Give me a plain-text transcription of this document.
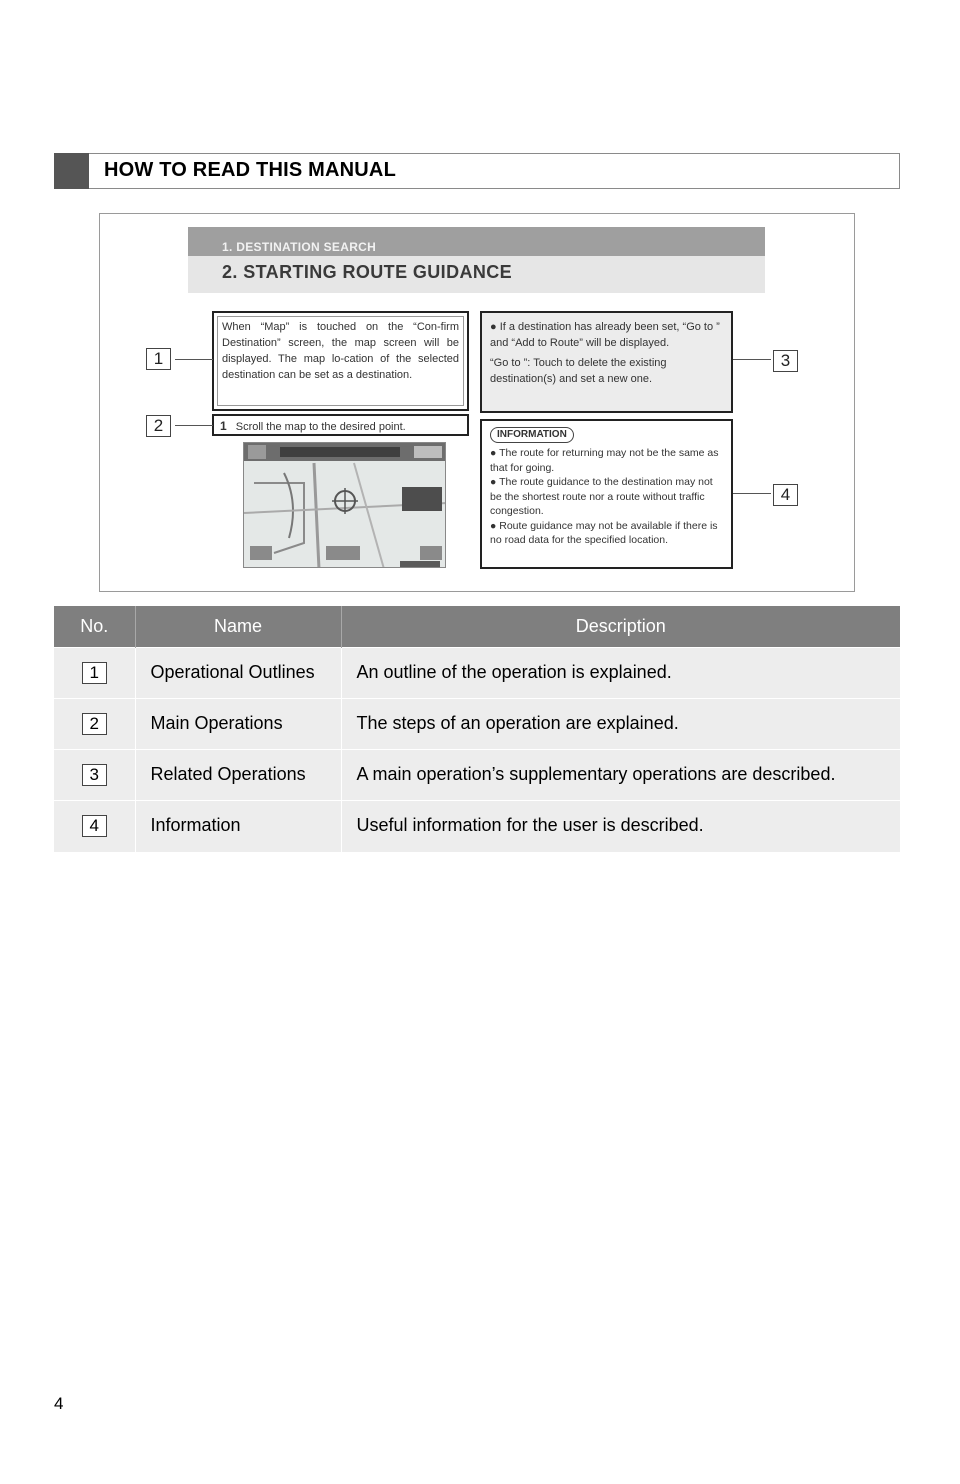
HOW TO READ THIS MANUAL
1. DESTINATION SEARCH
2. STARTING ROUTE GUIDANCE

When “Map” is touched on the “Con-firm Destination” screen, the map screen will be displayed. The map lo-cation of the selected destination can be set as a destination.

1 Scroll the map to the desired point.

● If a destination has already been set, “Go to ” and “Add to Route” will be displayed.

“Go to ”: Touch to delete the existing destination(s) and set a new one.

INFORMATION

● The route for returning may not be the same as that for going.

● The route guidance to the destination may not be the shortest route nor a route without traffic congestion.

● Route guidance may not be available if there is no road data for the specified location.

1
2
3
4
No.	Name	Description
1	Operational Outlines	An outline of the operation is explained.
2	Main Operations	The steps of an operation are explained.
3	Related Operations	A main operation’s supplementary operations are described.
4	Information	Useful information for the user is described.
4
